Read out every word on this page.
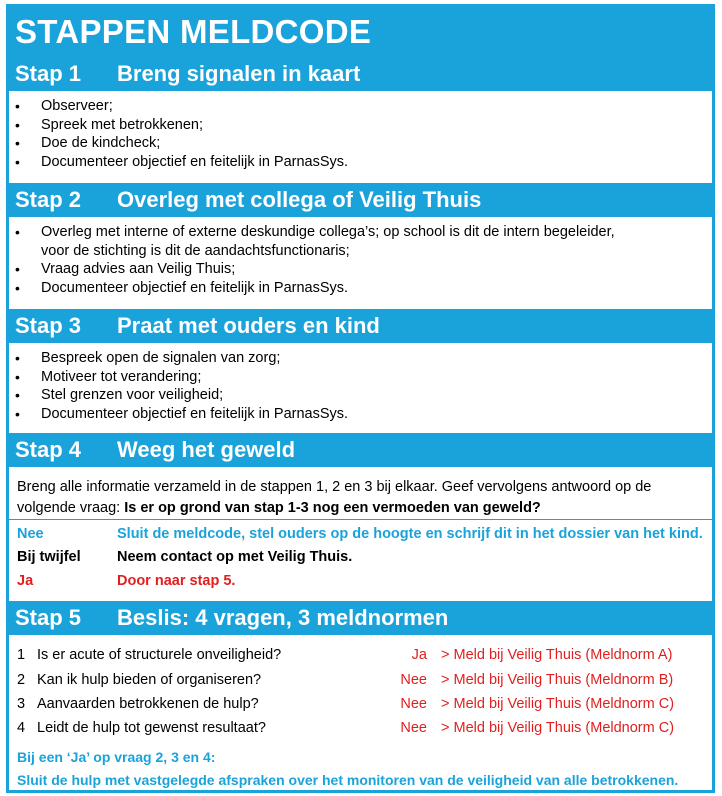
STAPPEN MELDCODE
Stap 1 Breng signalen in kaart
• Observeer;
• Spreek met betrokkenen;
• Doe de kindcheck;
• Documenteer objectief en feitelijk in ParnasSys.
Stap 2 Overleg met collega of Veilig Thuis
• Overleg met interne of externe deskundige collega’s; op school is dit de intern begeleider,
voor de stichting is dit de aandachtsfunctionaris;
• Vraag advies aan Veilig Thuis;
• Documenteer objectief en feitelijk in ParnasSys.
Stap 3 Praat met ouders en kind
• Bespreek open de signalen van zorg;
• Motiveer tot verandering;
• Stel grenzen voor veiligheid;
• Documenteer objectief en feitelijk in ParnasSys.
Stap 4 Weeg het geweld
Breng alle informatie verzameld in de stappen 1, 2 en 3 bij elkaar. Geef vervolgens antwoord op de volgende vraag: Is er op grond van stap 1-3 nog een vermoeden van geweld?
Nee	Sluit de meldcode, stel ouders op de hoogte en schrijf dit in het dossier van het kind.
Bij twijfel	Neem contact op met Veilig Thuis.
Ja	Door naar stap 5.
Stap 5 Beslis: 4 vragen, 3 meldnormen
1 Is er acute of structurele onveiligheid?	Ja > Meld bij Veilig Thuis (Meldnorm A)
2 Kan ik hulp bieden of organiseren?	Nee > Meld bij Veilig Thuis (Meldnorm B)
3 Aanvaarden betrokkenen de hulp?	Nee > Meld bij Veilig Thuis (Meldnorm C)
4 Leidt de hulp tot gewenst resultaat?	Nee > Meld bij Veilig Thuis (Meldnorm C)
Bij een ‘Ja’ op vraag 2, 3 en 4:
Sluit de hulp met vastgelegde afspraken over het monitoren van de veiligheid van alle betrokkenen.
